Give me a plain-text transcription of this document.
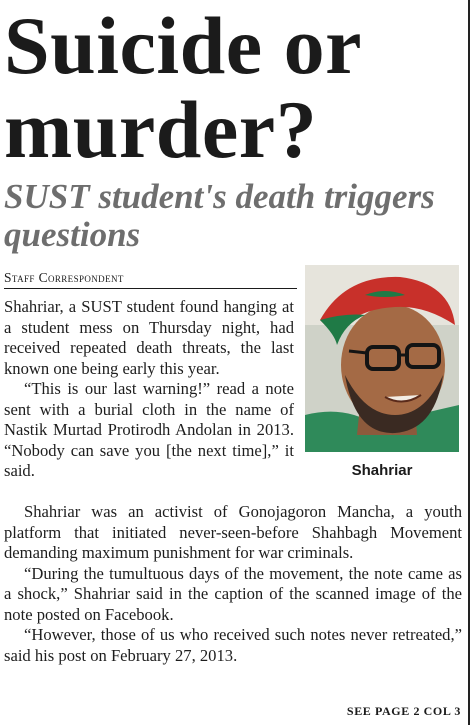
Suicide or murder?
SUST student's death triggers questions
Staff Correspondent
Shahriar

Shahriar, a SUST student found hanging at a student mess on Thursday night, had received repeated death threats, the last known one being early this year.

“This is our last warning!” read a note sent with a burial cloth in the name of Nastik Murtad Protirodh Andolan in 2013. “Nobody can save you [the next time],” it said.

Shahriar was an activist of Gonojagoron Mancha, a youth platform that initiated never-seen-before Shahbagh Movement demanding maximum punishment for war criminals.

“During the tumultuous days of the movement, the note came as a shock,” Shahriar said in the caption of the scanned image of the note posted on Facebook.

“However, those of us who received such notes never retreated,” said his post on February 27, 2013.

SEE PAGE 2 COL 3
